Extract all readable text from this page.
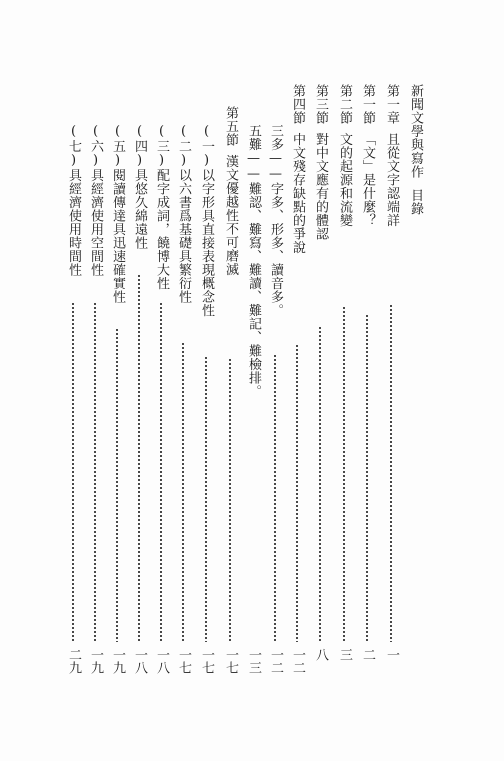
新聞文學與寫作目錄
第一章且從文字認端詳
一
第一節「文」是什麼？
二
第二節文的起源和流變
三
第三節對中文應有的體認
八
第四節中文殘存缺點的爭說
一二
三多——字多、形多、讀音多。
一二
五難——難認、難寫、難讀、難記、難檢排。
一三
第五節漢文優越性不可磨滅
一七
(一)以字形具直接表現概念性
一七
(二)以六書爲基礎具繁衍性
一七
(三)配字成詞，饒博大性
一八
(四)具悠久綿遠性
一八
(五)閱讀傳達具迅速確實性
一九
(六)具經濟使用空間性
一九
(七)具經濟使用時間性
二九
